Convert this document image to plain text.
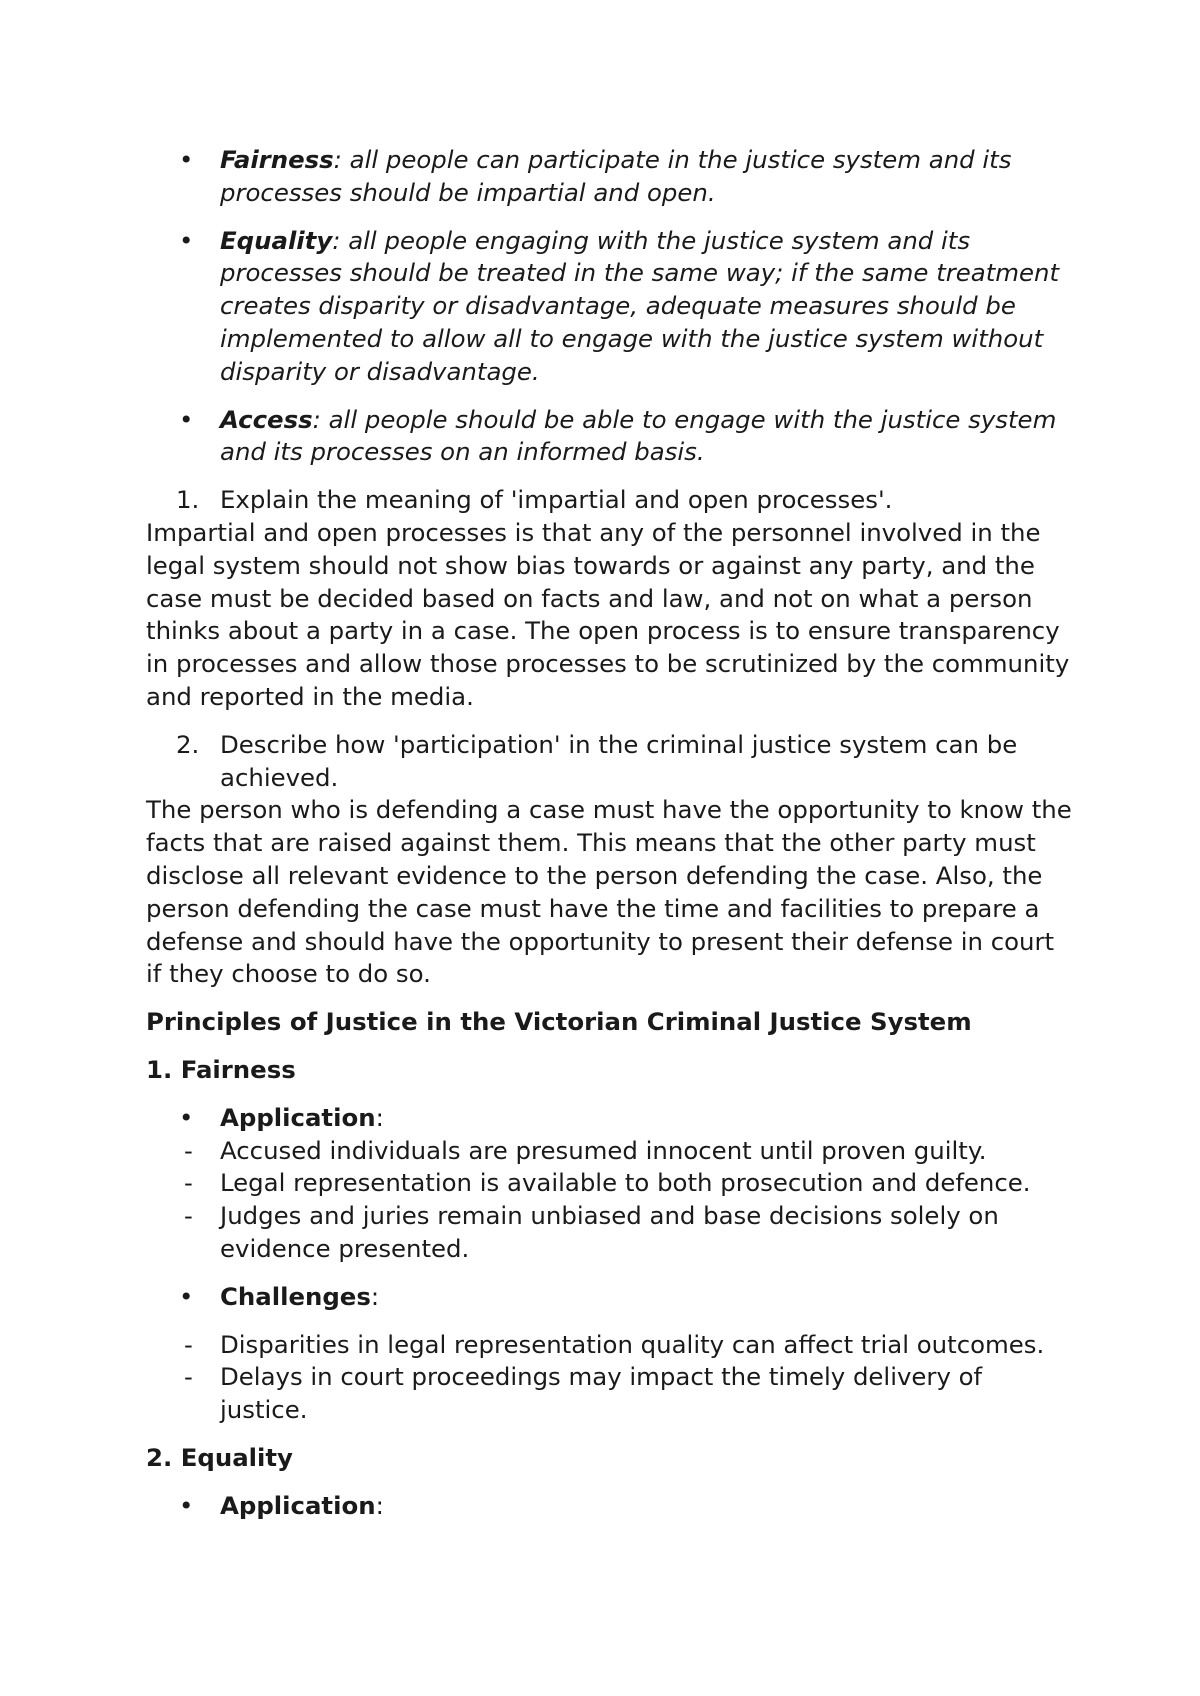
• Fairness: all people can participate in the justice system and its processes should be impartial and open.
• Equality: all people engaging with the justice system and its processes should be treated in the same way; if the same treatment creates disparity or disadvantage, adequate measures should be implemented to allow all to engage with the justice system without disparity or disadvantage.
• Access: all people should be able to engage with the justice system and its processes on an informed basis.
1. Explain the meaning of 'impartial and open processes'.

Impartial and open processes is that any of the personnel involved in the legal system should not show bias towards or against any party, and the case must be decided based on facts and law, and not on what a person thinks about a party in a case. The open process is to ensure transparency in processes and allow those processes to be scrutinized by the community and reported in the media.

2. Describe how 'participation' in the criminal justice system can be achieved.

The person who is defending a case must have the opportunity to know the facts that are raised against them. This means that the other party must disclose all relevant evidence to the person defending the case. Also, the person defending the case must have the time and facilities to prepare a defense and should have the opportunity to present their defense in court if they choose to do so.

Principles of Justice in the Victorian Criminal Justice System
1. Fairness
• Application:
- Accused individuals are presumed innocent until proven guilty.
- Legal representation is available to both prosecution and defence.
- Judges and juries remain unbiased and base decisions solely on evidence presented.
• Challenges:
- Disparities in legal representation quality can affect trial outcomes.
- Delays in court proceedings may impact the timely delivery of justice.
2. Equality
• Application:
